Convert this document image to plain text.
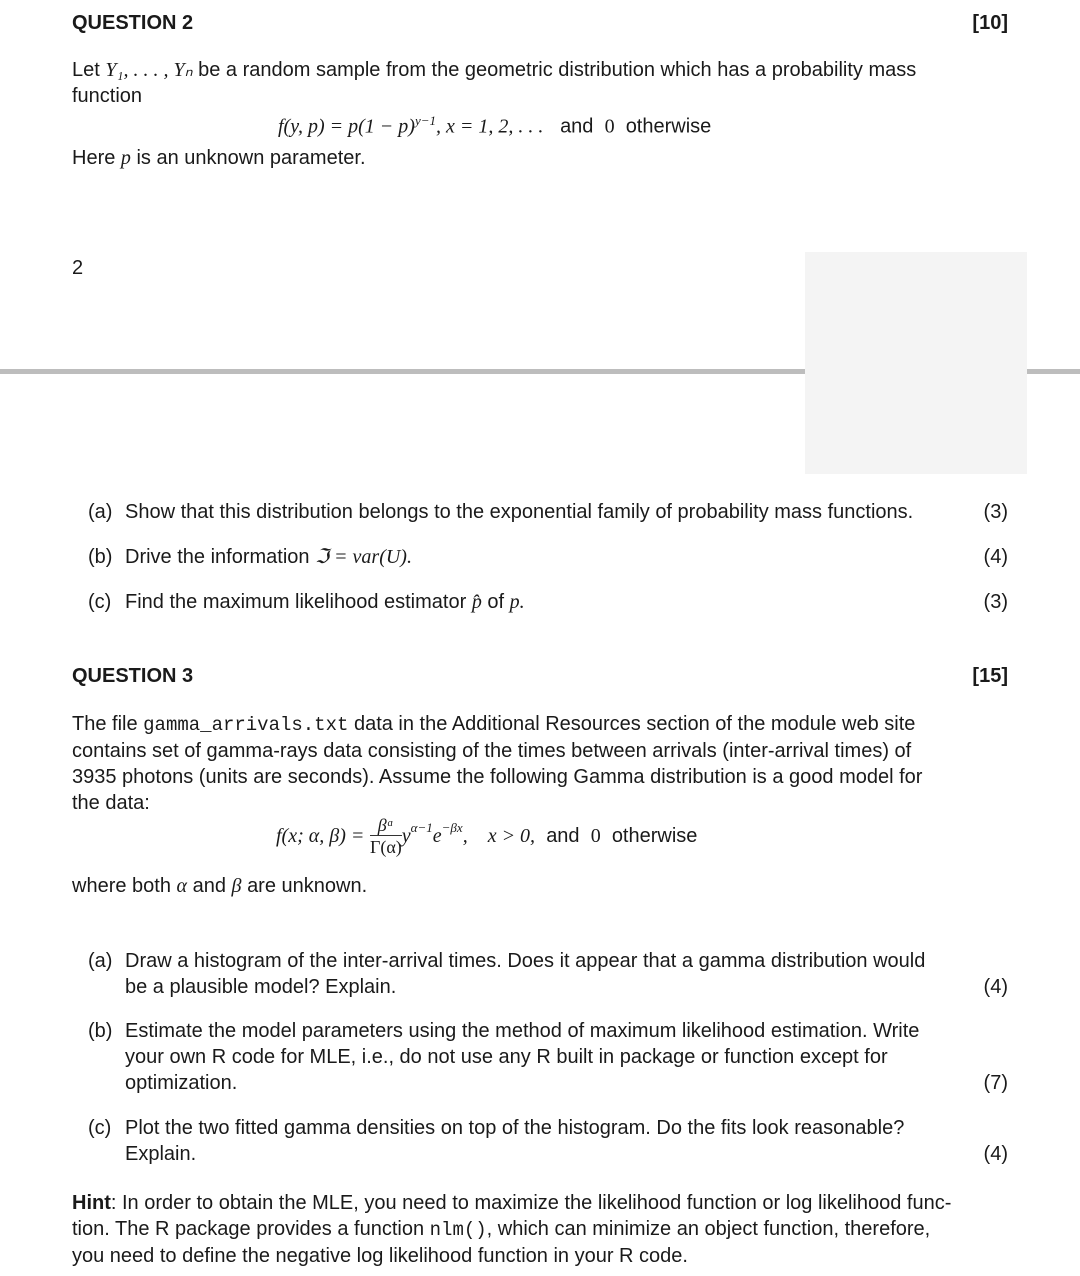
QUESTION 2	[10]
Let Y₁, . . . , Yₙ be a random sample from the geometric distribution which has a probability mass
function
f(y, $p) = p(1 - p)^{y-1}$, x = 1, 2, . . . and 0 otherwise
Here p is an unknown parameter.
2
(a) Show that this distribution belongs to the exponential family of probability mass functions.	(3)
(b) Drive the information ℑ = var(U).	(4)
(c) Find the maximum likelihood estimator p̂ of p.	(3)
QUESTION 3	[15]
The file gamma_arrivals.txt data in the Additional Resources section of the module web site
contains set of gamma-rays data consisting of the times between arrivals (inter-arrival times) of
3935 photons (units are seconds). Assume the following Gamma distribution is a good model for
the data:
f(x; α, β) =
$\frac{\text{βᵅ}}{\Gamma(\alpha)} y^{\alpha-1}$ $e^{-\beta x}$ ,    x > 0,
and
0
otherwise
where both α and β are unknown.
(a) Draw a histogram of the inter-arrival times. Does it appear that a gamma distribution would
be a plausible model? Explain.	(4)
(b) Estimate the model parameters using the method of maximum likelihood estimation. Write
your own R code for MLE, i.e., do not use any R built in package or function except for
optimization.	(7)
(c) Plot the two fitted gamma densities on top of the histogram. Do the fits look reasonable?
Explain.	(4)
Hint: In order to obtain the MLE, you need to maximize the likelihood function or log likelihood func-
tion. The R package provides a function nlm(), which can minimize an object function, therefore,
you need to define the negative log likelihood function in your R code.
